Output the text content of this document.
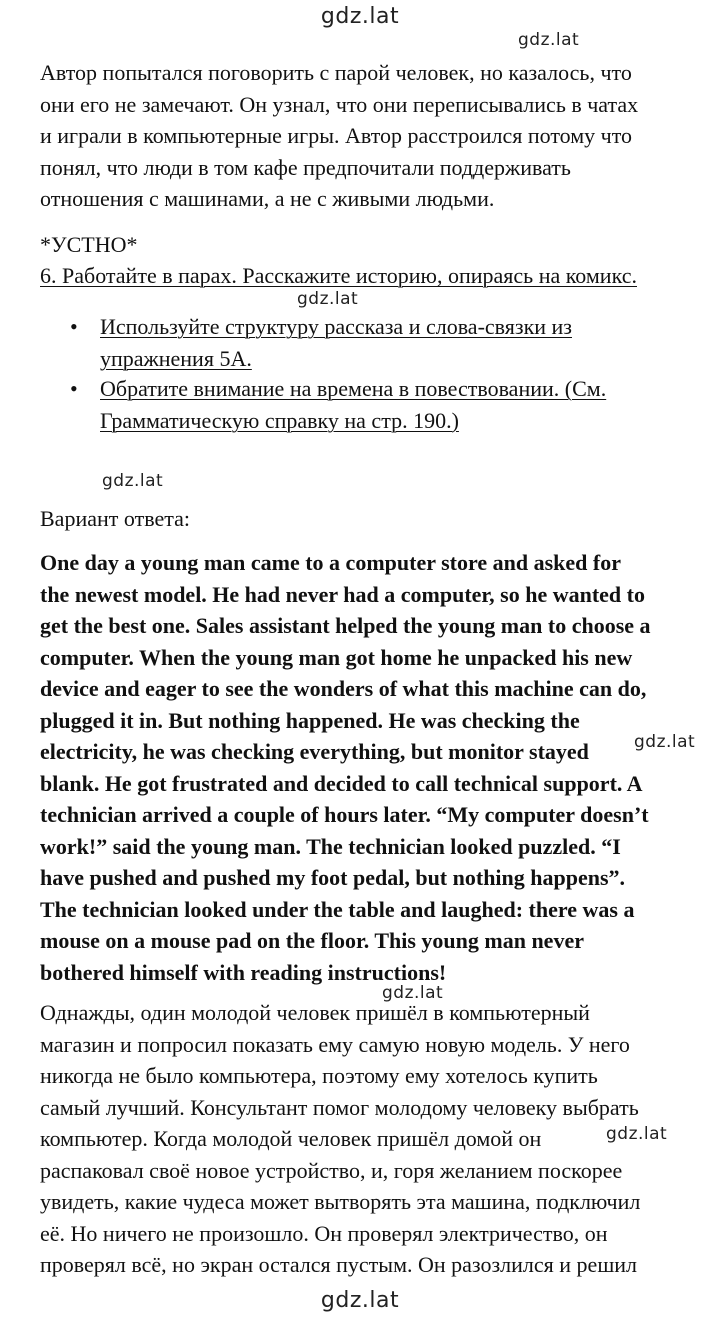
gdz.lat
gdz.lat
gdz.lat
gdz.lat
gdz.lat
gdz.lat
gdz.lat
gdz.lat
Автор попытался поговорить с парой человек, но казалось, что
они его не замечают. Он узнал, что они переписывались в чатах
и играли в компьютерные игры. Автор расстроился потому что
понял, что люди в том кафе предпочитали поддерживать
отношения с машинами, а не с живыми людьми.
*УСТНО*
6. Работайте в парах. Расскажите историю, опираясь на комикс.
• Используйте структуру рассказа и слова-связки из
упражнения 5А.
• Обратите внимание на времена в повествовании. (См.
Грамматическую справку на стр. 190.)
Вариант ответа:
One day a young man came to a computer store and asked for
the newest model. He had never had a computer, so he wanted to
get the best one. Sales assistant helped the young man to choose a
computer. When the young man got home he unpacked his new
device and eager to see the wonders of what this machine can do,
plugged it in. But nothing happened. He was checking the
electricity, he was checking everything, but monitor stayed
blank. He got frustrated and decided to call technical support. A
technician arrived a couple of hours later. “My computer doesn’t
work!” said the young man. The technician looked puzzled. “I
have pushed and pushed my foot pedal, but nothing happens”.
The technician looked under the table and laughed: there was a
mouse on a mouse pad on the floor. This young man never
bothered himself with reading instructions!
Однажды, один молодой человек пришёл в компьютерный
магазин и попросил показать ему самую новую модель. У него
никогда не было компьютера, поэтому ему хотелось купить
самый лучший. Консультант помог молодому человеку выбрать
компьютер. Когда молодой человек пришёл домой он
распаковал своё новое устройство, и, горя желанием поскорее
увидеть, какие чудеса может вытворять эта машина, подключил
её. Но ничего не произошло. Он проверял электричество, он
проверял всё, но экран остался пустым. Он разозлился и решил
